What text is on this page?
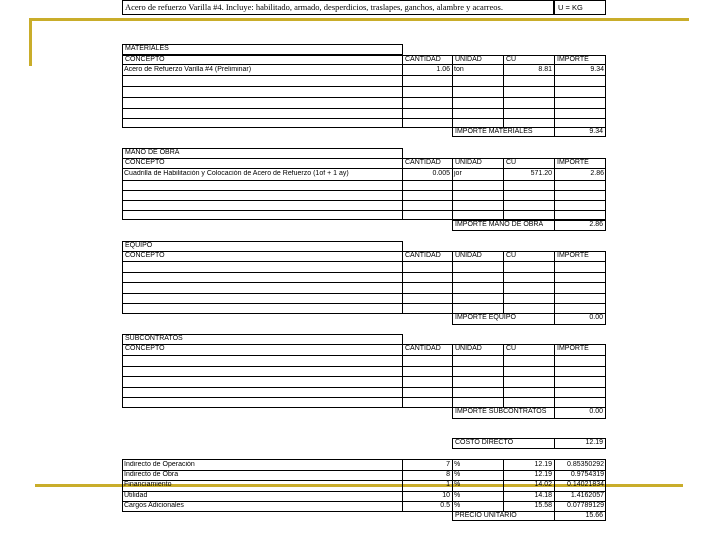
Acero de refuerzo Varilla #4. Incluye: habilitado, armado, desperdicios, traslapes, ganchos, alambre y acarreos.	U = KG
MATERIALES
CONCEPTO	CANTIDAD	UNIDAD	CU	IMPORTE
Acero de Refuerzo Varilla #4 (Preliminar)	1.06 ton	8.81	9.34
IMPORTE MATERIALES	9.34
MANO DE OBRA
CONCEPTO	CANTIDAD	UNIDAD	CU	IMPORTE
Cuadrilla de Habilitación y Colocación de Acero de Refuerzo (1of + 1 ay)	0.005 jor	571.20	2.86
IMPORTE MANO DE OBRA	2.86
EQUIPO
CONCEPTO	CANTIDAD	UNIDAD	CU	IMPORTE
IMPORTE EQUIPO	0.00
SUBCONTRATOS
CONCEPTO	CANTIDAD	UNIDAD	CU	IMPORTE
IMPORTE SUBCONTRATOS	0.00
COSTO DIRECTO	12.19
Indirecto de Operación	7 %	12.19	0.85350292
Indirecto de Obra	8 %	12.19	0.9754319
Financiamiento	1 %	14.02	0.14021834
Utilidad	10 %	14.18	1.4162057
Cargos Adicionales	0.5 %	15.58	0.07789129
PRECIO UNITARIO	15.66
